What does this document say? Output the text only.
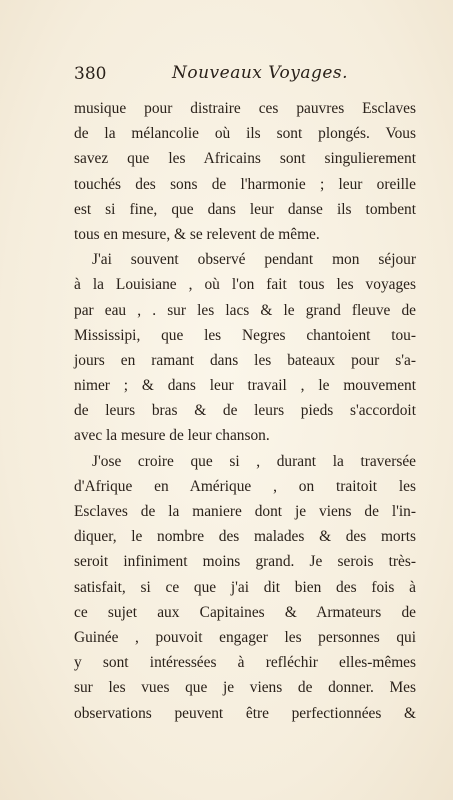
380	Nouveaux Voyages.
musique pour distraire ces pauvres Esclaves
de la mélancolie où ils sont plongés. Vous
savez que les Africains sont singulierement
touchés des sons de l'harmonie ; leur oreille
est si fine, que dans leur danse ils tombent
tous en mesure, & se relevent de même.
J'ai souvent observé pendant mon séjour
à la Louisiane , où l'on fait tous les voyages
par eau , . sur les lacs & le grand fleuve de
Mississipi, que les Negres chantoient tou-
jours en ramant dans les bateaux pour s'a-
nimer ; & dans leur travail , le mouvement
de leurs bras & de leurs pieds s'accordoit
avec la mesure de leur chanson.
J'ose croire que si , durant la traversée
d'Afrique en Amérique , on traitoit les
Esclaves de la maniere dont je viens de l'in-
diquer, le nombre des malades & des morts
seroit infiniment moins grand. Je serois très-
satisfait, si ce que j'ai dit bien des fois à
ce sujet aux Capitaines & Armateurs de
Guinée , pouvoit engager les personnes qui
y sont intéressées à refléchir elles-mêmes
sur les vues que je viens de donner. Mes
observations peuvent être perfectionnées &
